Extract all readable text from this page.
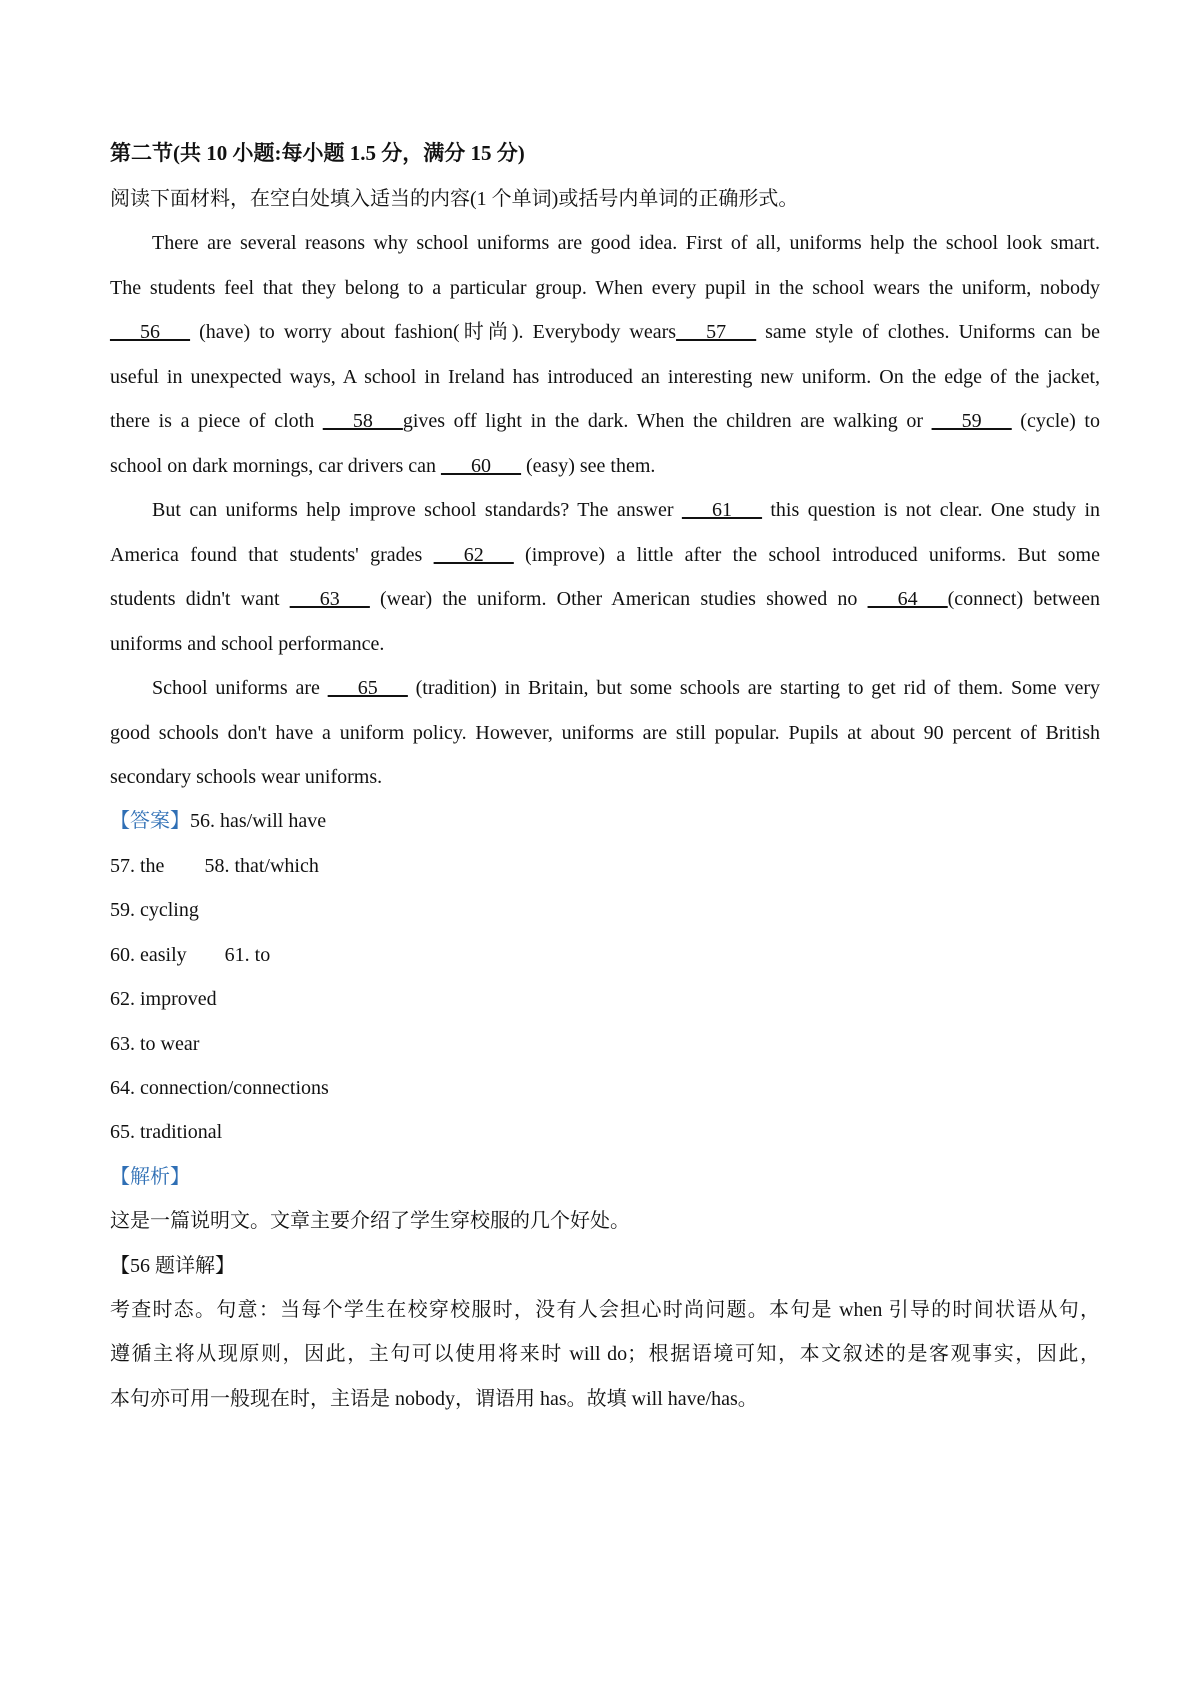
第二节(共 10 小题:每小题 1.5 分，满分 15 分)
阅读下面材料，在空白处填入适当的内容(1 个单词)或括号内单词的正确形式。
There are several reasons why school uniforms are good idea. First of all, uniforms help the school look smart.
The students feel that they belong to a particular group. When every pupil in the school wears the uniform, nobody
___56___ (have) to worry about fashion(时尚). Everybody wears___57___ same style of clothes. Uniforms can be
useful in unexpected ways, A school in Ireland has introduced an interesting new uniform. On the edge of the jacket,
there is a piece of cloth ___58___gives off light in the dark. When the children are walking or ___59___ (cycle) to
school on dark mornings, car drivers can ___60___ (easy) see them.
But can uniforms help improve school standards? The answer ___61___ this question is not clear. One study in
America found that students' grades ___62___ (improve) a little after the school introduced uniforms. But some
students didn't want ___63___ (wear) the uniform. Other American studies showed no ___64___(connect) between
uniforms and school performance.
School uniforms are ___65___ (tradition) in Britain, but some schools are starting to get rid of them. Some very
good schools don't have a uniform policy. However, uniforms are still popular. Pupils at about 90 percent of British
secondary schools wear uniforms.
【答案】56. has/will have
57. the 58. that/which
59. cycling
60. easily 61. to
62. improved
63. to wear
64. connection/connections
65. traditional
【解析】
这是一篇说明文。文章主要介绍了学生穿校服的几个好处。
【56 题详解】
考查时态。句意：当每个学生在校穿校服时，没有人会担心时尚问题。本句是 when 引导的时间状语从句，
遵循主将从现原则，因此，主句可以使用将来时 will do；根据语境可知，本文叙述的是客观事实，因此，
本句亦可用一般现在时，主语是 nobody，谓语用 has。故填 will have/has。
